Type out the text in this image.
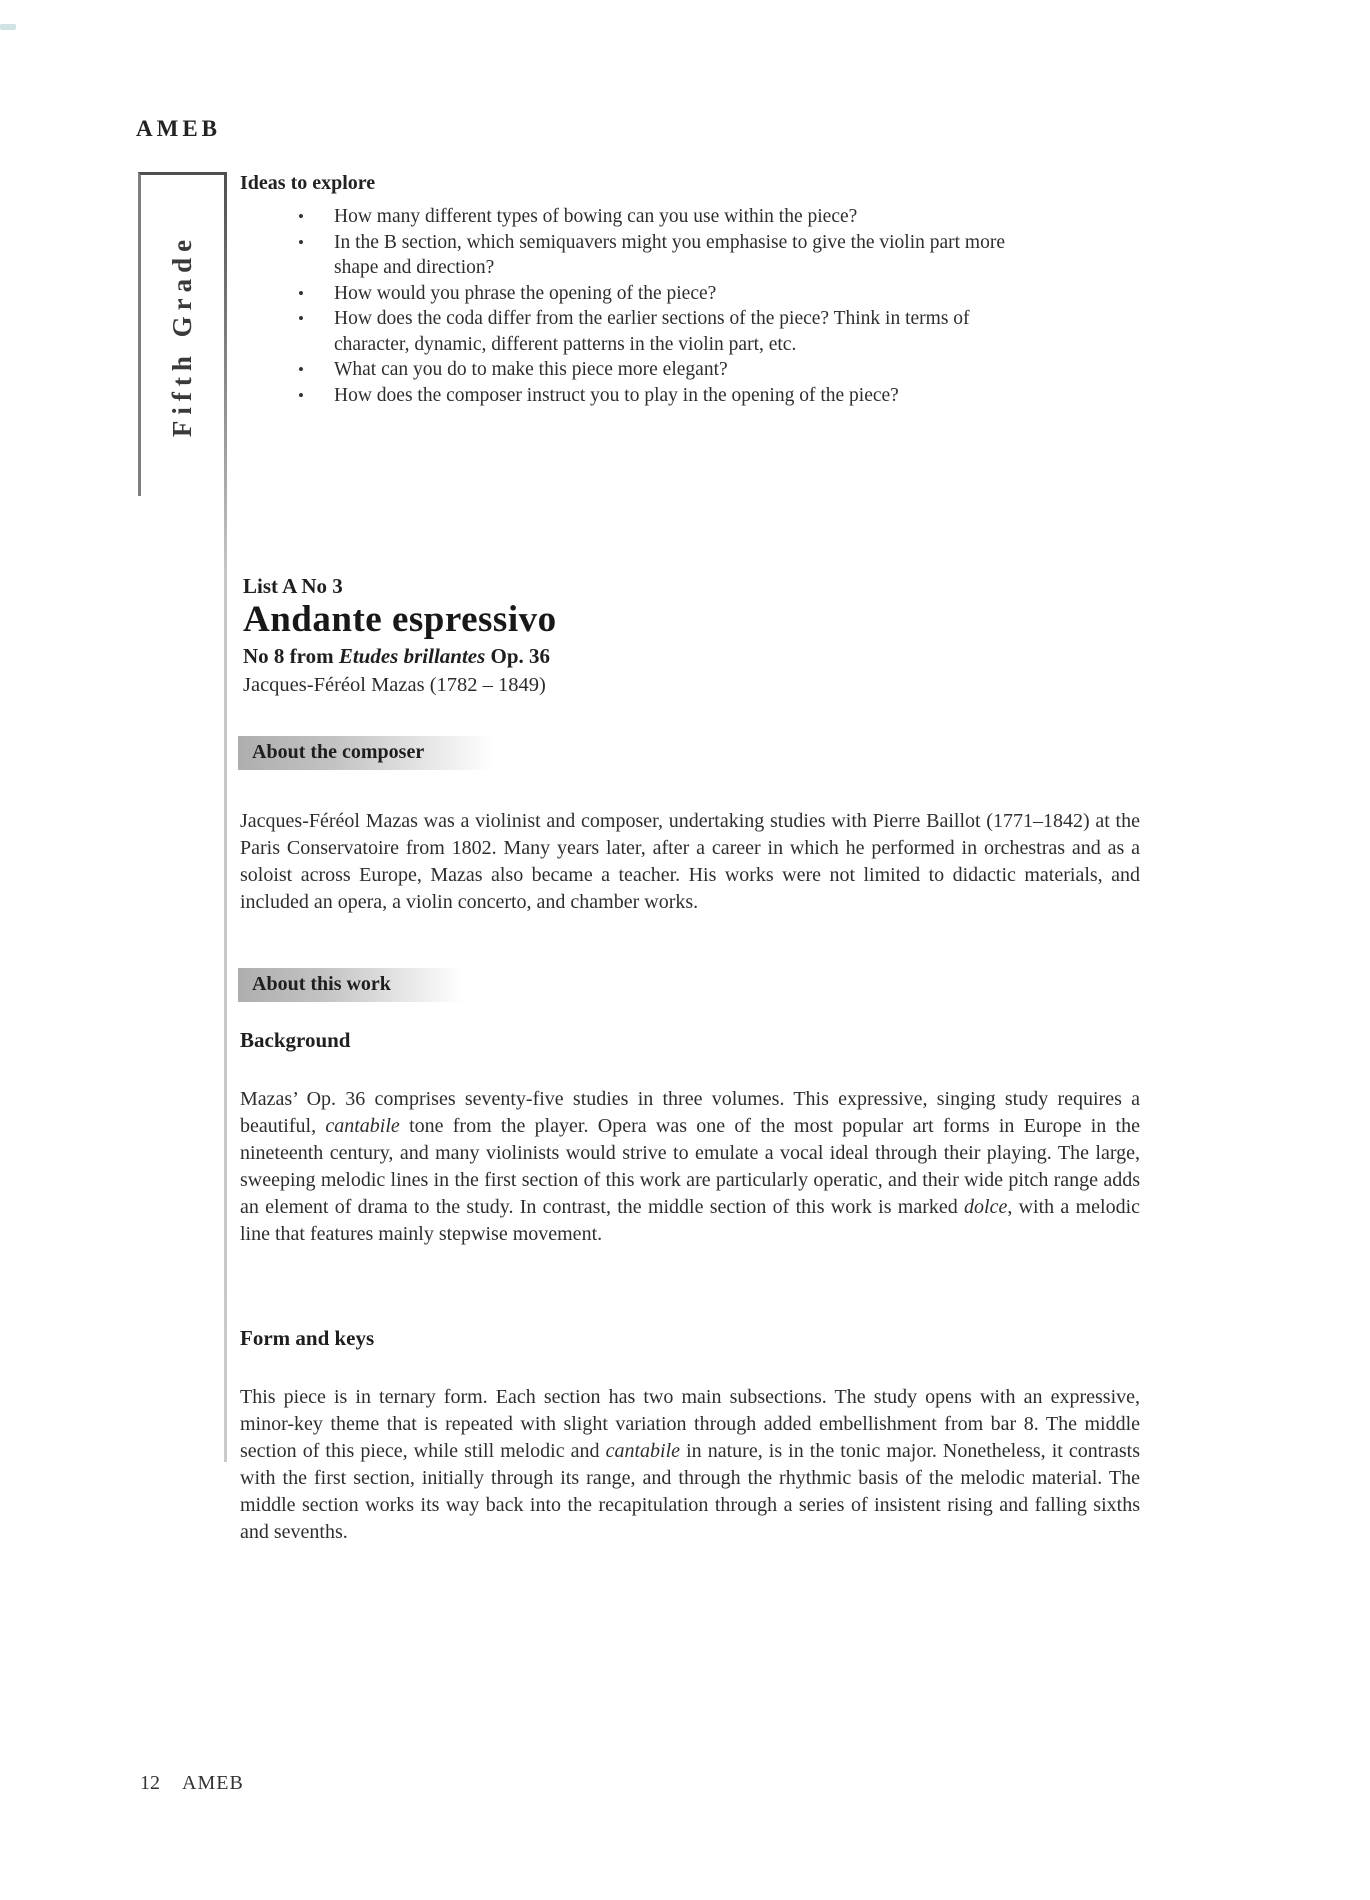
AMEB
Fifth Grade
Ideas to explore
• How many different types of bowing can you use within the piece?
• In the B section, which semiquavers might you emphasise to give the violin part more shape and direction?
• How would you phrase the opening of the piece?
• How does the coda differ from the earlier sections of the piece? Think in terms of character, dynamic, different patterns in the violin part, etc.
• What can you do to make this piece more elegant?
• How does the composer instruct you to play in the opening of the piece?

List A No 3

Andante espressivo

No 8 from Etudes brillantes Op. 36

Jacques-Féréol Mazas (1782 – 1849)

About the composer

Jacques-Féréol Mazas was a violinist and composer, undertaking studies with Pierre Baillot (1771–1842) at the Paris Conservatoire from 1802. Many years later, after a career in which he performed in orchestras and as a soloist across Europe, Mazas also became a teacher. His works were not limited to didactic materials, and included an opera, a violin concerto, and chamber works.

About this work
Background

Mazas’ Op. 36 comprises seventy-five studies in three volumes. This expressive, singing study requires a beautiful, cantabile tone from the player. Opera was one of the most popular art forms in Europe in the nineteenth century, and many violinists would strive to emulate a vocal ideal through their playing. The large, sweeping melodic lines in the first section of this work are particularly operatic, and their wide pitch range adds an element of drama to the study. In contrast, the middle section of this work is marked dolce, with a melodic line that features mainly stepwise movement.

Form and keys

This piece is in ternary form. Each section has two main subsections. The study opens with an expressive, minor-key theme that is repeated with slight variation through added embellishment from bar 8. The middle section of this piece, while still melodic and cantabile in nature, is in the tonic major. Nonetheless, it contrasts with the first section, initially through its range, and through the rhythmic basis of the melodic material. The middle section works its way back into the recapitulation through a series of insistent rising and falling sixths and sevenths.

12 AMEB
